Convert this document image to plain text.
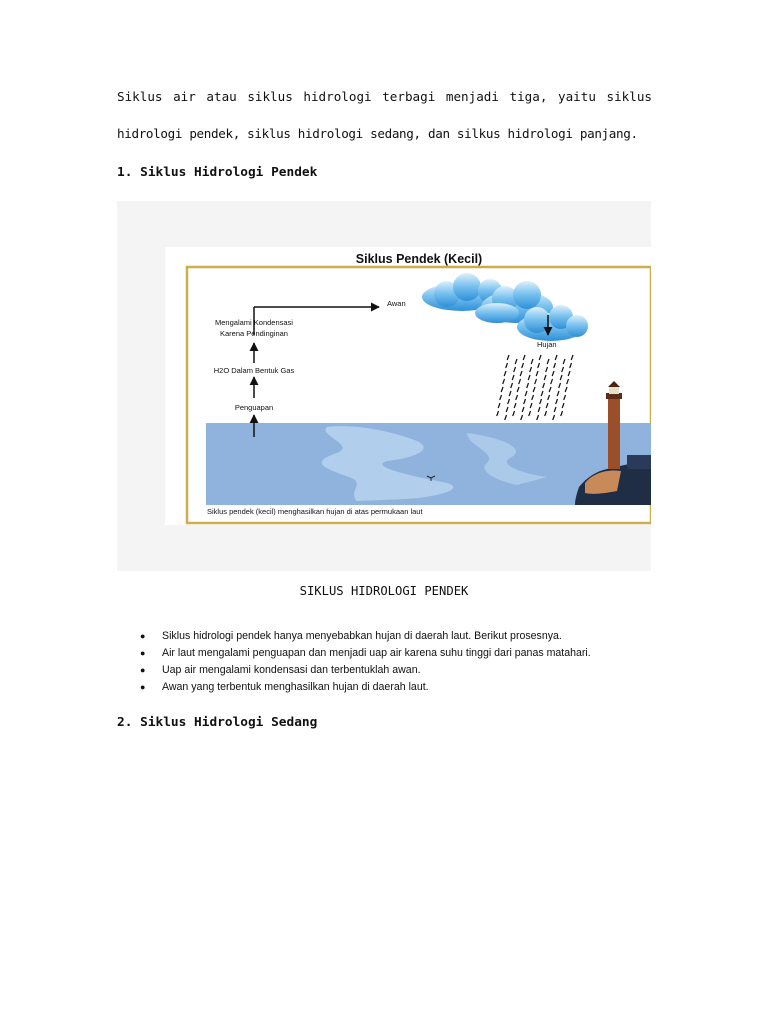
Siklus air atau siklus hidrologi terbagi menjadi tiga, yaitu siklus
hidrologi pendek, siklus hidrologi sedang, dan silkus hidrologi panjang.
1. Siklus Hidrologi Pendek
Siklus Pendek (Kecil)
Awan
Hujan
Mengalami Kondensasi
Karena Pendinginan
H2O Dalam Bentuk Gas
Penguapan
Siklus pendek (kecil) menghasilkan hujan di atas permukaan laut
SIKLUS HIDROLOGI PENDEK
● Siklus hidrologi pendek hanya menyebabkan hujan di daerah laut. Berikut prosesnya.
● Air laut mengalami penguapan dan menjadi uap air karena suhu tinggi dari panas matahari.
● Uap air mengalami kondensasi dan terbentuklah awan.
● Awan yang terbentuk menghasilkan hujan di daerah laut.
2. Siklus Hidrologi Sedang
